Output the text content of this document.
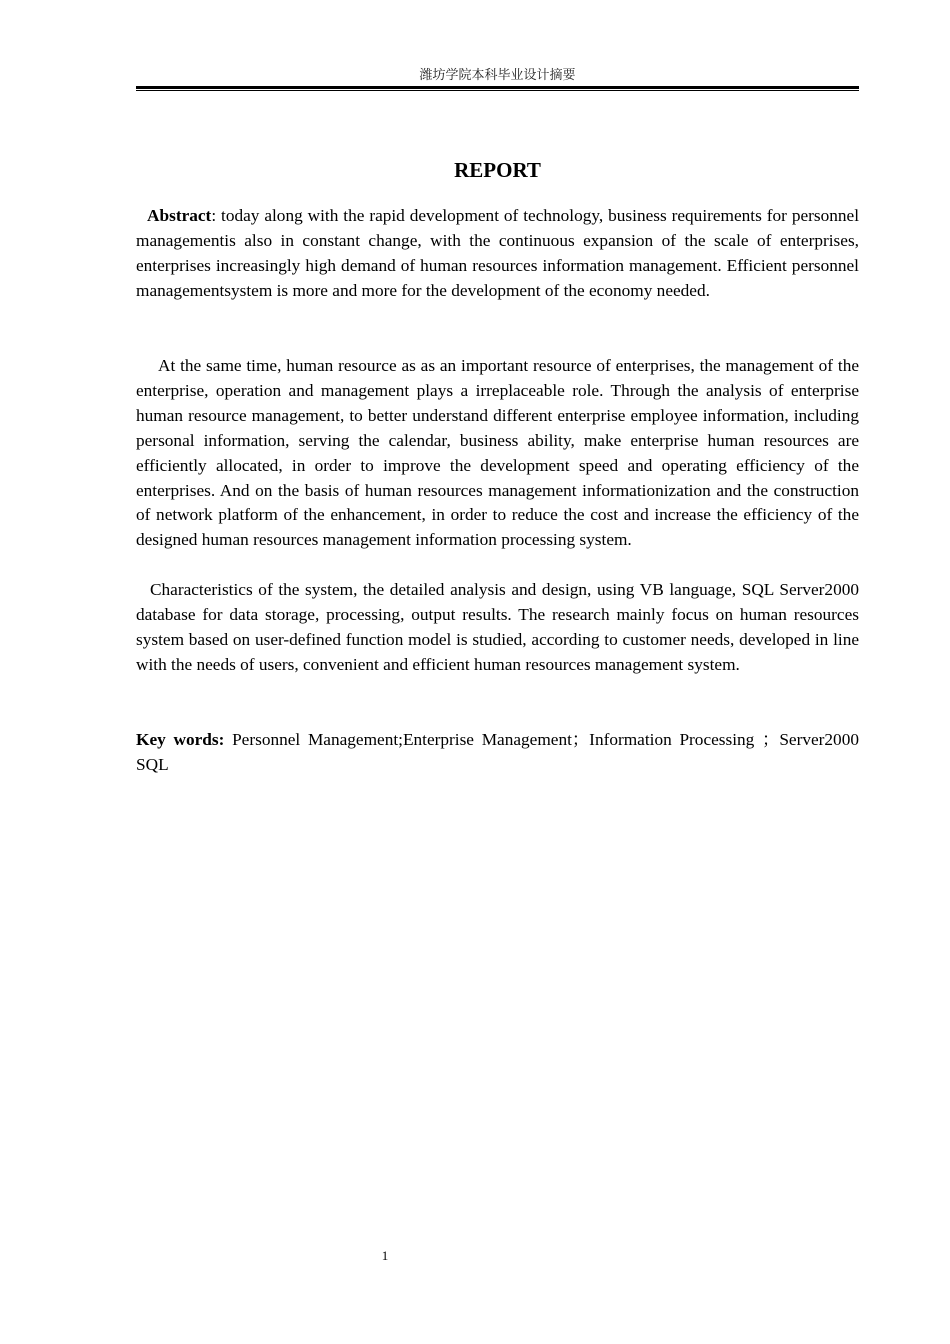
潍坊学院本科毕业设计摘要
REPORT

Abstract: today along with the rapid development of technology, business requirements for personnel managementis also in constant change, with the continuous expansion of the scale of enterprises, enterprises increasingly high demand of human resources information management. Efficient personnel managementsystem is more and more for the development of the economy needed.

At the same time, human resource as as an important resource of enterprises, the management of the enterprise, operation and management plays a irreplaceable role. Through the analysis of enterprise human resource management, to better understand different enterprise employee information, including personal information, serving the calendar, business ability, make enterprise human resources are efficiently allocated, in order to improve the development speed and operating efficiency of the enterprises. And on the basis of human resources management informationization and the construction of network platform of the enhancement, in order to reduce the cost and increase the efficiency of the designed human resources management information processing system.

Characteristics of the system, the detailed analysis and design, using VB language, SQL Server2000 database for data storage, processing, output results. The research mainly focus on human resources system based on user-defined function model is studied, according to customer needs, developed in line with the needs of users, convenient and efficient human resources management system.

Key words: Personnel Management;Enterprise Management；Information Processing ；Server2000 SQL

1
